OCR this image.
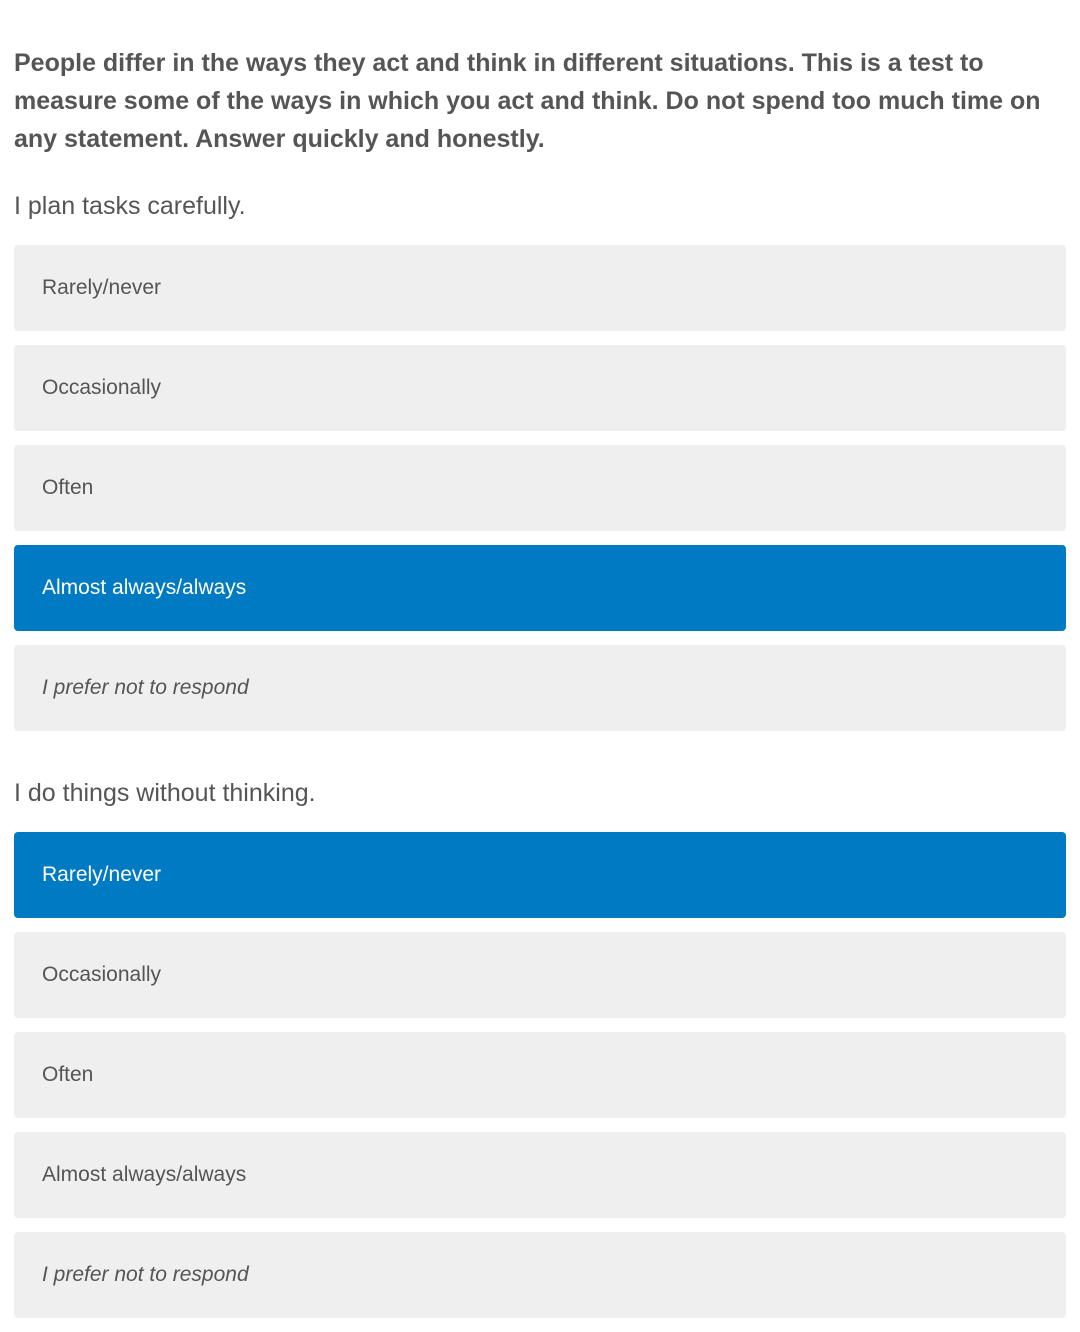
People differ in the ways they act and think in different situations. This is a test to measure some of the ways in which you act and think. Do not spend too much time on any statement. Answer quickly and honestly.

I plan tasks carefully.

Rarely/never
Occasionally
Often
Almost always/always
I prefer not to respond

I do things without thinking.

Rarely/never
Occasionally
Often
Almost always/always
I prefer not to respond
